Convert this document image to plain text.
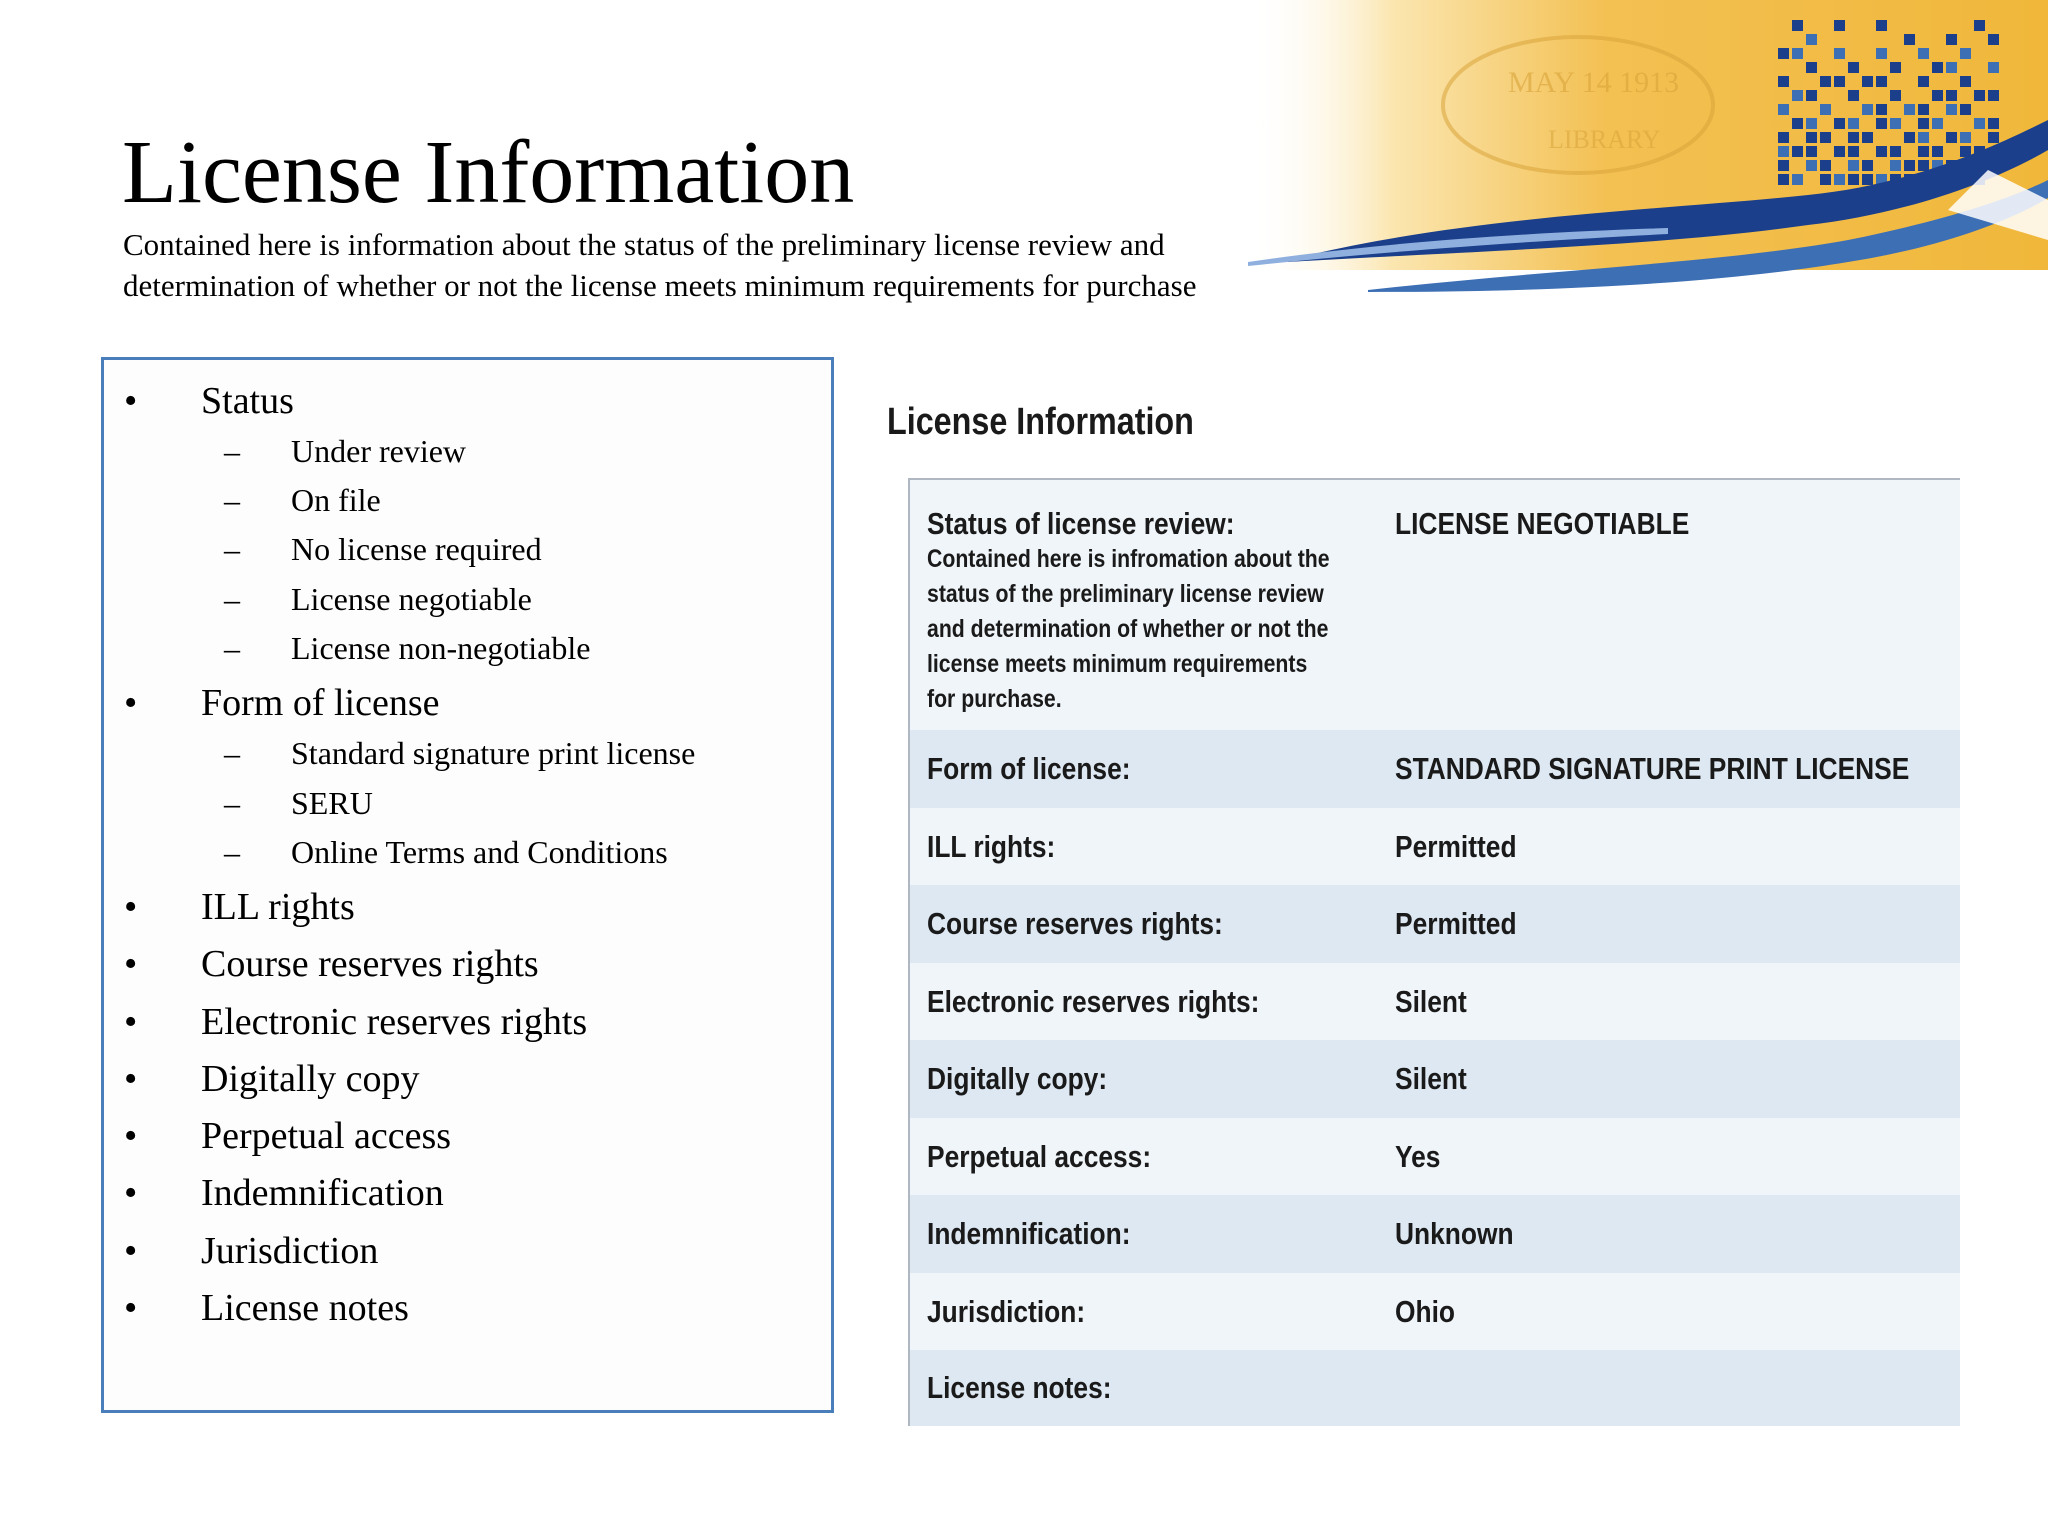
MAY 14 1913
LIBRARY
License Information

Contained here is information about the status of the preliminary license review and
determination of whether or not the license meets minimum requirements for purchase

• Status
– Under review
– On file
– No license required
– License negotiable
– License non-negotiable
• Form of license
– Standard signature print license
– SERU
– Online Terms and Conditions
• ILL rights
• Course reserves rights
• Electronic reserves rights
• Digitally copy
• Perpetual access
• Indemnification
• Jurisdiction
• License notes
License Information
Status of license review:	LICENSE NEGOTIABLE
Contained here is infromation about the
status of the preliminary license review
and determination of whether or not the
license meets minimum requirements
for purchase.
Form of license:	STANDARD SIGNATURE PRINT LICENSE
ILL rights:	Permitted
Course reserves rights:	Permitted
Electronic reserves rights:	Silent
Digitally copy:	Silent
Perpetual access:	Yes
Indemnification:	Unknown
Jurisdiction:	Ohio
License notes:
